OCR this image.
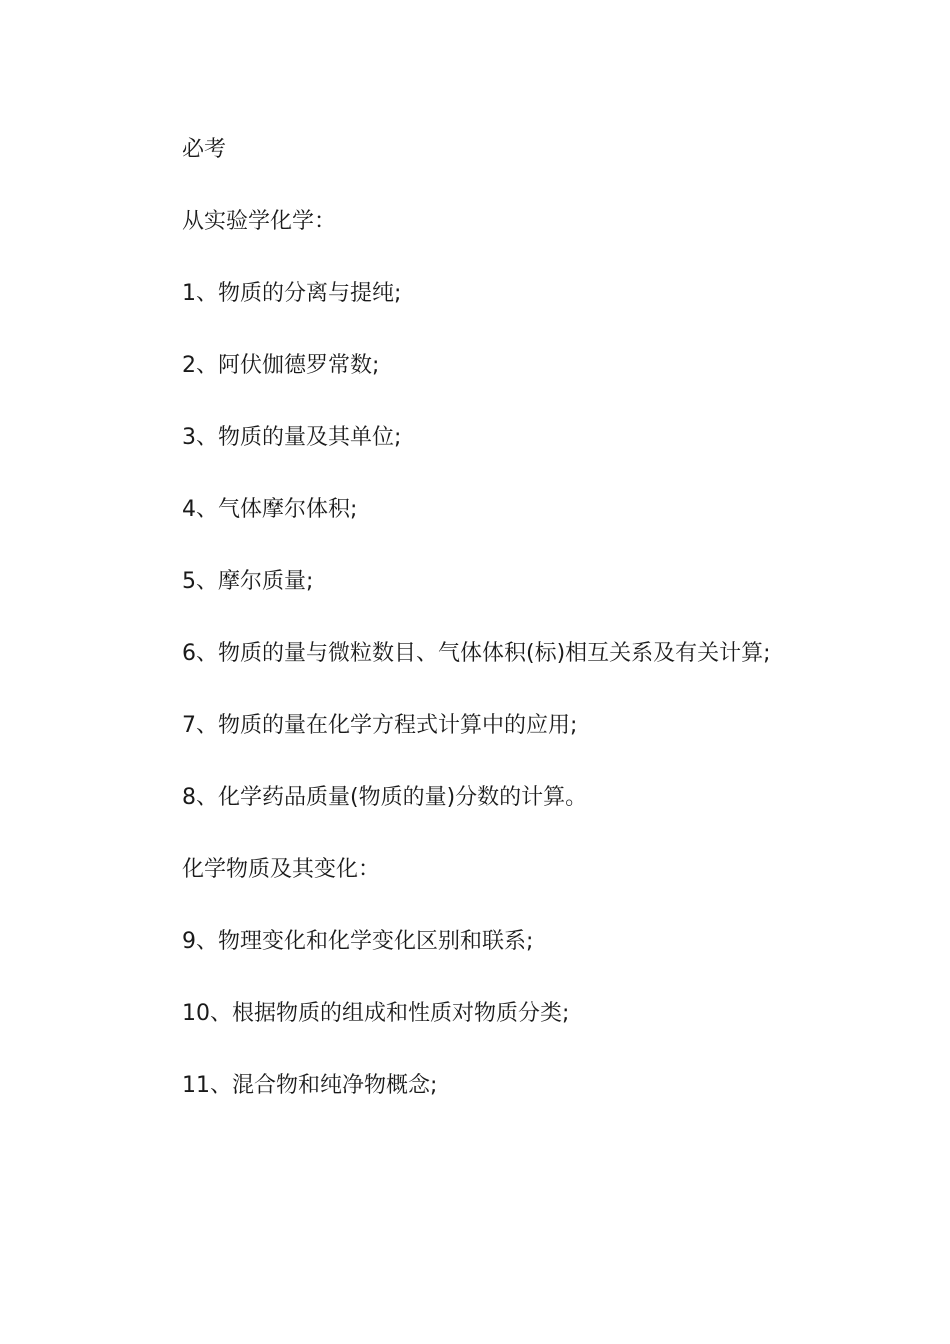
必考
从实验学化学：
1、物质的分离与提纯;
2、阿伏伽德罗常数;
3、物质的量及其单位;
4、气体摩尔体积;
5、摩尔质量;
6、物质的量与微粒数目、气体体积(标)相互关系及有关计算;
7、物质的量在化学方程式计算中的应用;
8、化学药品质量(物质的量)分数的计算。
化学物质及其变化：
9、物理变化和化学变化区别和联系;
10、根据物质的组成和性质对物质分类;
11、混合物和纯净物概念;
